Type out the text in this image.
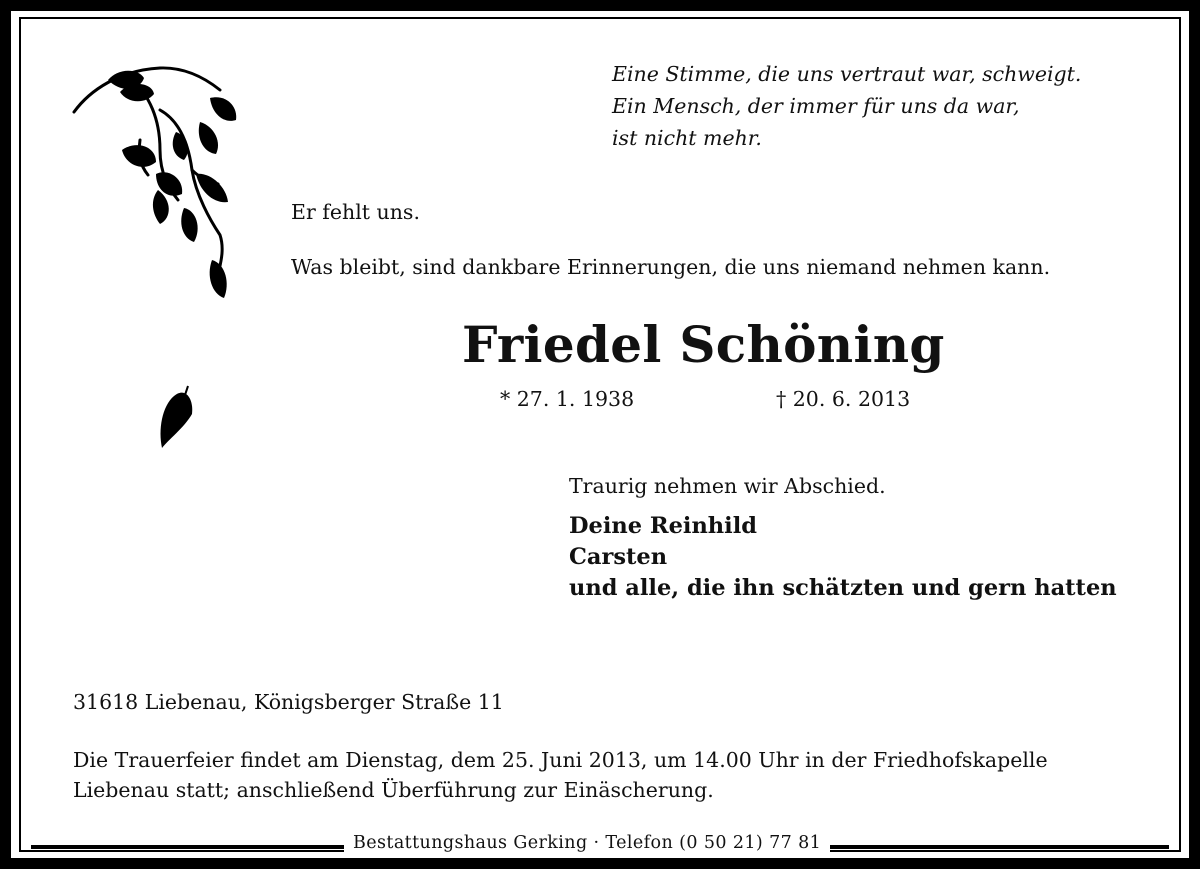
Eine Stimme, die uns vertraut war, schweigt.
Ein Mensch, der immer für uns da war,
ist nicht mehr.

Er fehlt uns.

Was bleibt, sind dankbare Erinnerungen, die uns niemand nehmen kann.

Friedel Schöning

* 27. 1. 1938	† 20. 6. 2013

Traurig nehmen wir Abschied.

Deine Reinhild
Carsten
und alle, die ihn schätzten und gern hatten

31618 Liebenau, Königsberger Straße 11

Die Trauerfeier findet am Dienstag, dem 25. Juni 2013, um 14.00 Uhr in der Friedhofskapelle
Liebenau statt; anschließend Überführung zur Einäscherung.
Bestattungshaus Gerking · Telefon (0 50 21) 77 81
